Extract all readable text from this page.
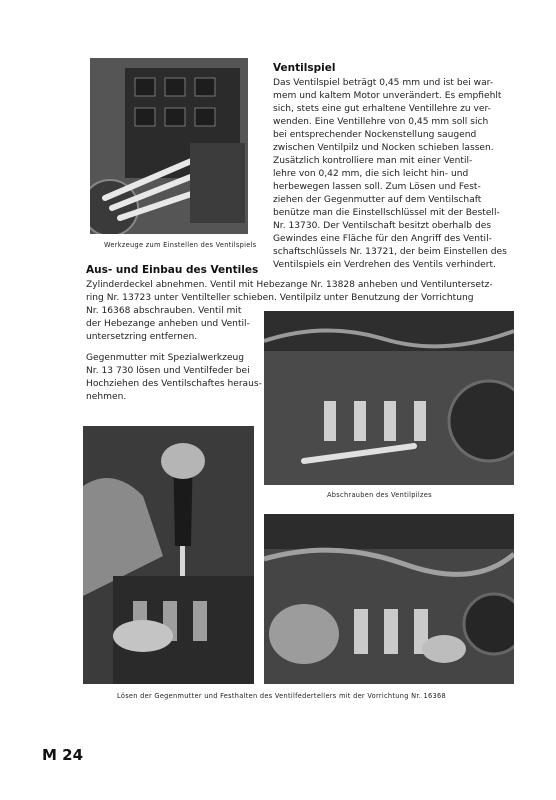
Werkzeuge zum Einstellen des Ventilspiels
Ventilspiel
Das Ventilspiel beträgt 0,45 mm und ist bei war-
mem und kaltem Motor unverändert. Es empfiehlt
sich, stets eine gut erhaltene Ventillehre zu ver-
wenden. Eine Ventillehre von 0,45 mm soll sich
bei entsprechender Nockenstellung saugend
zwischen Ventilpilz und Nocken schieben lassen.
Zusätzlich kontrolliere man mit einer Ventil-
lehre von 0,42 mm, die sich leicht hin- und
herbewegen lassen soll. Zum Lösen und Fest-
ziehen der Gegenmutter auf dem Ventilschaft
benütze man die Einstellschlüssel mit der Bestell-
Nr. 13730. Der Ventilschaft besitzt oberhalb des
Gewindes eine Fläche für den Angriff des Ventil-
schaftschlüssels Nr. 13721, der beim Einstellen des
Ventilspiels ein Verdrehen des Ventils verhindert.
Aus- und Einbau des Ventiles
Zylinderdeckel abnehmen. Ventil mit Hebezange Nr. 13828 anheben und Ventiluntersetz-
ring Nr. 13723 unter Ventilteller schieben. Ventilpilz unter Benutzung der Vorrichtung
Nr. 16368 abschrauben. Ventil mit
der Hebezange anheben und Ventil-
untersetzring entfernen.
Gegenmutter mit Spezialwerkzeug
Nr. 13 730 lösen und Ventilfeder bei
Hochziehen des Ventilschaftes heraus-
nehmen.
Abschrauben des Ventilpilzes
Lösen der Gegenmutter und Festhalten des Ventilfedertellers mit der Vorrichtung Nr. 16368
M 24
